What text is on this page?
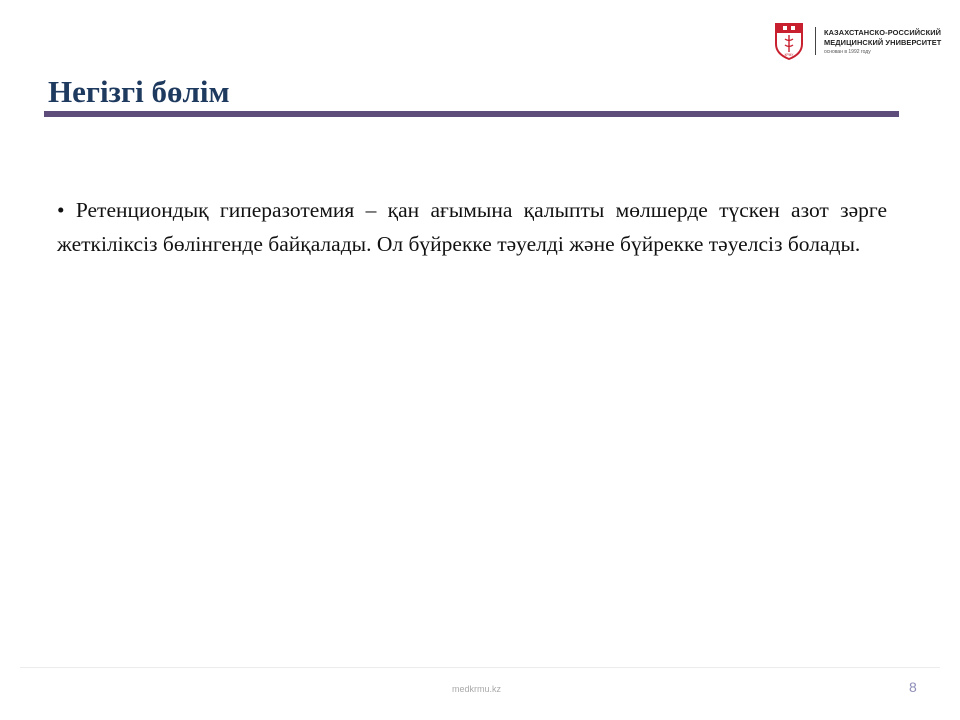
КРМУ
КАЗАХСТАНСКО-РОССИЙСКИЙ
МЕДИЦИНСКИЙ УНИВЕРСИТЕТ
основан в 1992 году
Негізгі бөлім
• Ретенциондық гиперазотемия – қан ағымына қалыпты мөлшерде түскен азот зәрге жеткіліксіз бөлінгенде байқалады. Ол бүйрекке тәуелді және бүйрекке тәуелсіз болады.
medkrmu.kz	8
